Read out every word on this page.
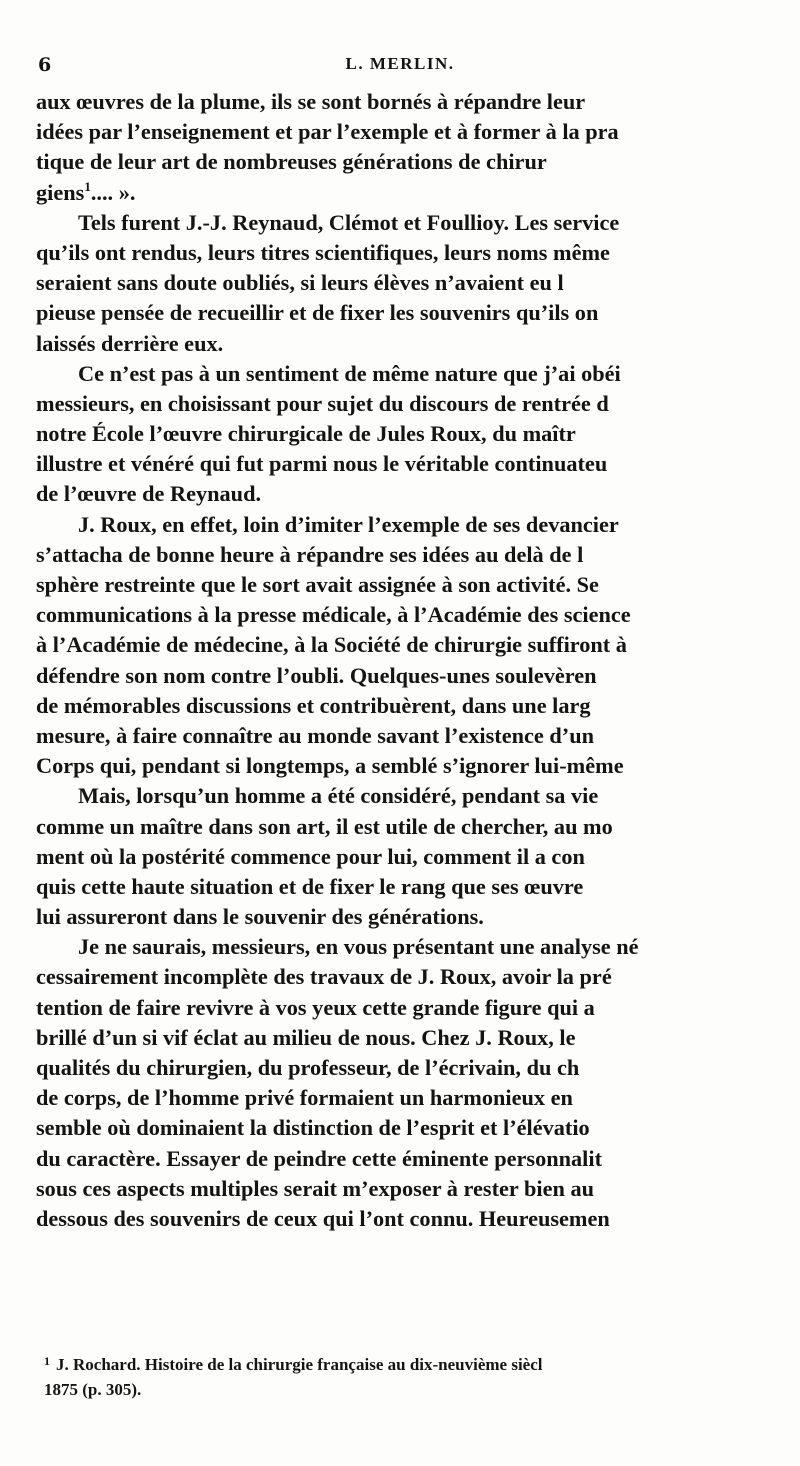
6	L. MERLIN.
aux œuvres de la plume, ils se sont bornés à répandre leur
idées par l’enseignement et par l’exemple et à former à la pra
tique de leur art de nombreuses générations de chirur
giens$^1$.... ».
Tels furent J.-J. Reynaud, Clémot et Foullioy. Les service
qu’ils ont rendus, leurs titres scientifiques, leurs noms même
seraient sans doute oubliés, si leurs élèves n’avaient eu l
pieuse pensée de recueillir et de fixer les souvenirs qu’ils on
laissés derrière eux.
Ce n’est pas à un sentiment de même nature que j’ai obéi
messieurs, en choisissant pour sujet du discours de rentrée d
notre École l’œuvre chirurgicale de Jules Roux, du maîtr
illustre et vénéré qui fut parmi nous le véritable continuateu
de l’œuvre de Reynaud.
J. Roux, en effet, loin d’imiter l’exemple de ses devancier
s’attacha de bonne heure à répandre ses idées au delà de l
sphère restreinte que le sort avait assignée à son activité. Se
communications à la presse médicale, à l’Académie des science
à l’Académie de médecine, à la Société de chirurgie suffiront à
défendre son nom contre l’oubli. Quelques-unes soulevèren
de mémorables discussions et contribuèrent, dans une larg
mesure, à faire connaître au monde savant l’existence d’un
Corps qui, pendant si longtemps, a semblé s’ignorer lui-même
Mais, lorsqu’un homme a été considéré, pendant sa vie
comme un maître dans son art, il est utile de chercher, au mo
ment où la postérité commence pour lui, comment il a con
quis cette haute situation et de fixer le rang que ses œuvre
lui assureront dans le souvenir des générations.
Je ne saurais, messieurs, en vous présentant une analyse né
cessairement incomplète des travaux de J. Roux, avoir la pré
tention de faire revivre à vos yeux cette grande figure qui a
brillé d’un si vif éclat au milieu de nous. Chez J. Roux, le
qualités du chirurgien, du professeur, de l’écrivain, du ch
de corps, de l’homme privé formaient un harmonieux en
semble où dominaient la distinction de l’esprit et l’élévatio
du caractère. Essayer de peindre cette éminente personnalit
sous ces aspects multiples serait m’exposer à rester bien au
dessous des souvenirs de ceux qui l’ont connu. Heureusemen
$^1$ J. Rochard. Histoire de la chirurgie française au dix-neuvième siècl
1875 (p. 305).
